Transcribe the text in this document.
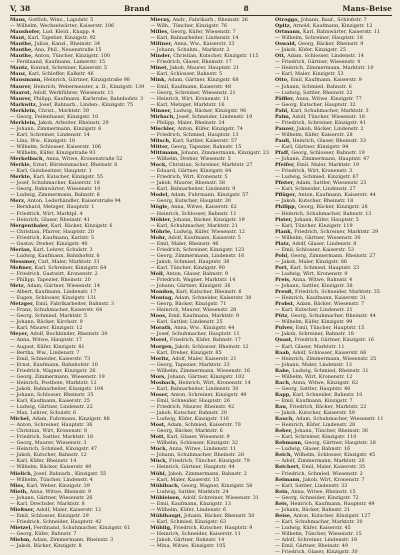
V, 38	Brand	8	Mans–Beise
Maus, Gottlob, Winz., Lapidstr. 5
— Wilhelm, Wechselwärter, Kaiserstr. 106
Maushofer, Lud. Kleid., Knapp. 4
Maut, Karl, Tapetier, Kinzigstr. 92
Mauthe, Julius, Kanzl., Rheinstr. 34
Mauthe, Ana, Phil., Neuenstraße 15
Mauthe, Anton, Tüncher, Kinzigstr. 100
— Ferdinand, Kaufmann, Lamerstr. 15
Mautz, Konrad, Schreiner, Kaiserstr. 5
Mauz, Karl, Schloffer, Kalkstr. 46
Mausmann, Heinrich, Gärtner, Kinzigstraße 98
Maurer, Heinrich, Webermeister, a. D., Kinzigstr. 139
Maxrot, Adolf, Werkführer, Wiesenstr. 11
Maurer, Philipp, Kaufmann, Karlsruhe, Bahnhofstr. 3
Markwitz, Josef, Bahnarb., Linden-, Kinzigstr. 75
Merklein, Christ., Marktstr. 39
— Georg, Feilenhauer, Kinzigstr. 10
Merklein, Jakob, Arbeiter, Rheinstr. 29
— Johann, Zimmermann, Kinzigstr. 6
— Karl, Schreiner, Lindenstr. 14
— Lina, Ww., Kinzigstr. 18
— Wilhelm, Schlosser, Kaiserstr. 106
— Wilhelm, Küfer, Kinzigstraße 93
Merkelbach, Anna, Witwe, Kronenstraße 52
Merkle, Ernst, Bürstenmacher, Rheinstr. 8
— Karl, Gutsbesitzer, Hauptstr. 1
Merkte, Karl, Kutscher, Kinzigstr. 55
— Josef, Schuhmacher, Kaiserstr. 18
— Georg, Bahnwärter, Wiesenstr. 10
— Ludwig, Zimmermann, Bahnstr. 8
Merz, Anton, Lederhändler, Kaiserstraße 94
— Bernhard, Metzger, Hauptstr. 1
— Friedrich, Wirt, Marktpl. 4
— Heinrich, Glaser, Rheinstr. 41
Mergenthaler, Karl, Bäcker, Kinzigstr. 6
— Christian, Pfarrer, Hauptstr. 20
— Friedrich, Kaufmann, Karlstr. 5
— Gustav, Dreher, Kinzigstr. 40
Merian, Karl, Lehrer, Schulstr. 3
— Ludwig, Kaufmann, Bahnhofstr. 6
Messmer, Carl, Maler, Marktstr. 31
Meßner, Karl, Schreiner, Kinzigstr. 64
— Friedrich, Gastwirt, Kronenstr. 2
— Philipp, Tapezier, Rheinstr. 20
Metz, Adam, Gärtner, Wiesenstr. 14
— Albert, Kaufmann, Lindenstr. 17
— Eugen, Schlosser, Kinzigstr. 131
Metzger, Emil, Fabrikarbeiter, Bahnstr. 3
— Franz, Schuhmacher, Kaiserstr. 64
— Georg, Schmied, Marktstr. 5
— Johann, Bäcker, Kirchstr. 9
— Karl, Maurer, Kinzigstr. 12
Meyer, Adolf, Buchbinder, Rheinstr. 30
— Anna, Witwe, Hauptstr. 17
— August, Küfer, Kinzigstr. 81
— Bertha, Ww., Lindenstr. 7
— Emil, Schneider, Kaiserstr. 73
— Ernst, Kaufmann, Bahnhofstr. 10
— Friedrich, Wagner, Kinzigstr. 26
— Georg, Zimmermann, Wiesenstr. 19
— Heinrich, Postbote, Marktstr. 12
— Jakob, Bahnarbeiter, Kinzigstr. 104
— Johann, Schlosser, Rheinstr. 35
— Karl, Kaufmann, Kaiserstr. 25
— Ludwig, Gärtner, Lindenstr. 22
— Max, Lehrer, Schulstr. 6
Michel, Adam, Fuhrmann, Kinzigstr. 88
— Anton, Schreiner, Hauptstr. 36
— Christian, Wirt, Kronenstr. 8
— Friedrich, Sattler, Marktstr. 18
— Georg, Maurer, Wiesenstr. 3
— Heinrich, Schmied, Kinzigstr. 47
— Jakob, Kutscher, Bahnstr. 12
— Karl, Küfer, Rheinstr. 14
— Wilhelm, Bäcker, Kaiserstr. 40
Mielich, Josef, Bahnarb., Kinzigstr. 55
— Wilhelm, Tüncher, Lindenstr. 4
Mies, Karl, Weber, Kinzigstr. 39
Mieth, Anna, Witwe, Rheinstr. 9
— Johann, Gärtner, Wiesenstr. 26
— Karl, Drechsler, Marktstr. 8
Mießner, Adolf, Maler, Kaiserstr. 12
— Emil, Schlosser, Kinzigstr. 29
— Friedrich, Schneider, Hauptstr. 42
Mietzel, Ferdinand, Schuhmacher, Kinzigstr. 61
— Georg, Küfer, Bahnstr. 7
Miehm, Adam, Zimmermann, Rheinstr. 3
— Jakob, Bäcker, Kinzigstr. 8
Mierny, Andr., Fabrikarb., Rheinstr. 26
— Wilh., Tüncher, Kinzigstr. 76
Milles, Georg, Küfer, Wiesenstr. 7
— Karl, Bahnarbeiter, Lindenstr. 14
Miltner, Anna, Ww., Kaiserstr. 33
— Johann, Schuhm., Marktstr. 2
Minder, Christian, Kutscher, Kinzigstr. 115
— Friedrich, Glaser, Rheinstr. 17
Minet, Jakob, Maurer, Hauptstr. 21
— Karl, Schlosser, Bahnstr. 5
Mink, Adam, Gärtner, Kinzigstr. 68
— Emil, Kaufmann, Kaiserstr. 48
— Georg, Schreiner, Wiesenstr. 21
— Heinrich, Wirt, Kronenstr. 11
— Karl, Metzger, Marktstr. 16
Minner, Ludwig, Bäcker, Kinzigstr. 96
Mirbach, Josef, Schneider, Lindenstr. 19
— Philipp, Maler, Rheinstr. 24
Mischler, Anton, Küfer, Kinzigstr. 74
— Friedrich, Schmied, Hauptstr. 13
Mitsch, Karl, Sattler, Kaiserstr. 57
Mitter, Georg, Tapezier, Bahnstr. 15
Mittmann, Johann, Zimmermann, Kinzigstr. 23
— Wilhelm, Dreher, Wiesenstr. 5
Mock, Christian, Schreiner, Marktstr. 27
— Eduard, Gärtner, Kinzigstr. 84
— Friedrich, Wirt, Kronenstr. 5
— Jakob, Maurer, Rheinstr. 38
— Karl, Bahnarbeiter, Lindenstr. 9
Model, Adam, Fuhrmann, Kinzigstr. 57
— Georg, Kutscher, Hauptstr. 30
Mögle, Anna, Witwe, Kaiserstr. 62
— Heinrich, Schlosser, Bahnstr. 11
Möhler, Johann, Bäcker, Kinzigstr. 19
— Karl, Schuhmacher, Marktstr. 21
Möhrle, Ludwig, Küfer, Wiesenstr. 12
Mohr, Adolf, Kaufmann, Kaiserstr. 5
— Emil, Maler, Rheinstr. 46
— Friedrich, Schreiner, Kinzigstr. 123
— Georg, Zimmermann, Lindenstr. 16
— Jakob, Schmied, Hauptstr. 38
— Karl, Tüncher, Kinzigstr. 90
Moll, Anton, Glaser, Bahnstr. 9
— Friedrich, Wagner, Marktstr. 14
— Johann, Gärtner, Kinzigstr. 36
Mondon, Karl, Kutscher, Rheinstr. 6
Montag, Adam, Schneider, Kaiserstr. 38
— Georg, Bäcker, Kinzigstr. 71
— Heinrich, Maurer, Wiesenstr. 28
Moos, Emil, Kaufmann, Marktstr. 9
— Karl, Sattler, Lindenstr. 25
Morath, Anna, Ww., Kinzigstr. 44
— Josef, Schuhmacher, Hauptstr. 11
Morel, Friedrich, Küfer, Bahnstr. 17
Morgen, Jakob, Schlosser, Rheinstr. 12
— Karl, Dreher, Kinzigstr. 85
Moritz, Adolf, Maler, Kaiserstr. 21
— Georg, Tapezier, Marktstr. 33
— Wilhelm, Zimmermann, Wiesenstr. 16
Mors, Johann, Gärtner, Kinzigstr. 102
Mosbach, Heinrich, Wirt, Kronenstr. 14
— Karl, Bahnarbeiter, Lindenstr. 30
Moser, Anton, Schreiner, Kinzigstr. 49
— Emil, Schneider, Hauptstr. 26
— Friedrich, Maurer, Rheinstr. 42
— Jakob, Kutscher, Bahnstr. 20
— Ludwig, Küfer, Kinzigstr. 116
Most, Adam, Schmied, Kaiserstr. 70
— Georg, Bäcker, Marktstr. 6
Mott, Karl, Glaser, Wiesenstr. 9
— Wilhelm, Schlosser, Kinzigstr. 32
Muck, Anna, Witwe, Lindenstr. 11
— Johann, Schuhmacher, Rheinstr. 28
Mück, Friedrich, Tüncher, Kinzigstr. 79
— Heinrich, Gärtner, Hauptstr. 44
Mühl, Jakob, Zimmermann, Bahnstr. 2
— Karl, Maler, Kaiserstr. 15
Mühlbach, Georg, Wagner, Kinzigstr. 58
— Ludwig, Sattler, Marktstr. 24
Mühleisen, Adolf, Schreiner, Wiesenstr. 31
— Emil, Kaufmann, Kinzigstr. 13
— Wilhelm, Küfer, Lindenstr. 6
Mühlhaupt, Johann, Bäcker, Rheinstr. 50
— Karl, Schmied, Kinzigstr. 63
Mühlig, Friedrich, Kutscher, Hauptstr. 9
— Heinrich, Schneider, Kaiserstr. 11
— Jakob, Gärtner, Bahnstr. 14
— Mina, Witwe, Kinzigstr. 105
Otroggo, Johann, Bauf., Schloßstr. 7
Opitz, Arnold, Kaufmann, Kinzigstr. 12
Ortmann, Karl, Bahnwärter, Kaiserstr. 11
— Wilhelm, Schreiner, Hauptstr. 18
Oswald, Georg, Bäcker, Rheinstr. 9
— Jakob, Küfer, Kinzigstr. 25
Ott, Adam, Schlosser, Lindenstr. 14
— Friedrich, Gärtner, Wiesenstr. 4
— Heinrich, Zimmermann, Marktstr. 10
— Karl, Maler, Kinzigstr. 53
Otto, Emil, Kaufmann, Kaiserstr. 9
— Johann, Schmied, Bahnstr. 6
— Ludwig, Sattler, Rheinstr. 22
Päffler, Anna, Witwe, Kinzigstr. 77
— Georg, Kutscher, Hauptstr. 32
Pahl, Karl, Schuhmacher, Marktstr. 3
Palm, Adolf, Tüncher, Wiesenstr. 18
— Friedrich, Schreiner, Kinzigstr. 41
Panzer, Jakob, Bäcker, Lindenstr. 2
— Wilhelm, Küfer, Kaiserstr. 28
Pauli, Heinrich, Glaser, Rheinstr. 33
— Karl, Gärtner, Kinzigstr. 94
Pfaff, Georg, Schlosser, Bahnstr. 19
— Johann, Zimmermann, Hauptstr. 47
Pfeifer, Emil, Maler, Marktstr. 19
— Friedrich, Wirt, Kronenstr. 3
— Ludwig, Schmied, Kinzigstr. 67
Pfister, Adam, Sattler, Wiesenstr. 23
— Karl, Schneider, Lindenstr. 27
Pflüger, Anton, Kaufmann, Kaiserstr. 44
— Jakob, Kutscher, Rheinstr. 18
Philipp, Georg, Bäcker, Kinzigstr. 28
— Heinrich, Schuhmacher, Bahnstr. 13
Pister, Johann, Küfer, Hauptstr. 5
— Karl, Tüncher, Kinzigstr. 119
Plank, Friedrich, Schreiner, Marktstr. 29
— Wilhelm, Gärtner, Wiesenstr. 30
Platz, Adolf, Glaser, Lindenstr. 8
— Emil, Schlosser, Kaiserstr. 53
Pohl, Georg, Zimmermann, Rheinstr. 27
— Jakob, Maler, Kinzigstr. 86
Port, Karl, Schmied, Hauptstr. 23
— Ludwig, Wirt, Kronenstr. 9
Preis, Anna, Witwe, Bahnstr. 4
— Johann, Sattler, Kinzigstr. 38
Preuß, Friedrich, Schneider, Marktstr. 35
— Heinrich, Kaufmann, Kaiserstr. 31
Probst, Adam, Bäcker, Wiesenstr. 7
— Karl, Kutscher, Lindenstr. 21
Pütz, Georg, Schuhmacher, Rheinstr. 44
— Wilhelm, Küfer, Kinzigstr. 99
Pulver, Emil, Tüncher, Hauptstr. 15
— Jakob, Schreiner, Bahnstr. 18
Quast, Friedrich, Gärtner, Kinzigstr. 16
— Karl, Glaser, Marktstr. 11
Raab, Adolf, Schlosser, Kaiserstr. 66
— Heinrich, Zimmermann, Wiesenstr. 25
— Johann, Maler, Lindenstr. 13
Rabe, Ludwig, Schmied, Rheinstr. 31
— Wilhelm, Wirt, Kronenstr. 12
Rach, Anna, Witwe, Kinzigstr. 62
— Georg, Sattler, Hauptstr. 40
Rapp, Karl, Schneider, Bahnstr. 10
— Emil, Kaufmann, Kinzigstr. 7
Rau, Friedrich, Bäcker, Marktstr. 22
— Jakob, Kutscher, Kaiserstr. 59
Rauch, Adam, Schuhmacher, Wiesenstr. 11
— Heinrich, Küfer, Lindenstr. 28
Reber, Johann, Tüncher, Rheinstr. 36
— Karl, Schreiner, Kinzigstr. 110
Rebmann, Georg, Gärtner, Hauptstr. 28
— Ludwig, Glaser, Bahnstr. 16
Reich, Wilhelm, Schlosser, Kinzigstr. 45
— Adolf, Zimmermann, Marktstr. 26
Reichert, Emil, Maler, Kaiserstr. 35
— Friedrich, Schmied, Wiesenstr. 2
Reimann, Jakob, Wirt, Kronenstr. 7
— Karl, Sattler, Lindenstr. 33
Rein, Anna, Witwe, Rheinstr. 15
— Georg, Schneider, Kinzigstr. 72
Reis, Heinrich, Kaufmann, Hauptstr. 49
— Johann, Bäcker, Bahnstr. 21
Beise, Anton, Kutscher, Kinzigstr. 127
— Karl, Schuhmacher, Marktstr. 30
— Ludwig, Küfer, Kaiserstr. 45
— Wilhelm, Tüncher, Wiesenstr. 15
— Adolf, Schreiner, Lindenstr. 18
— Emil, Gärtner, Rheinstr. 49
— Friedrich, Glaser, Kinzigstr. 30
